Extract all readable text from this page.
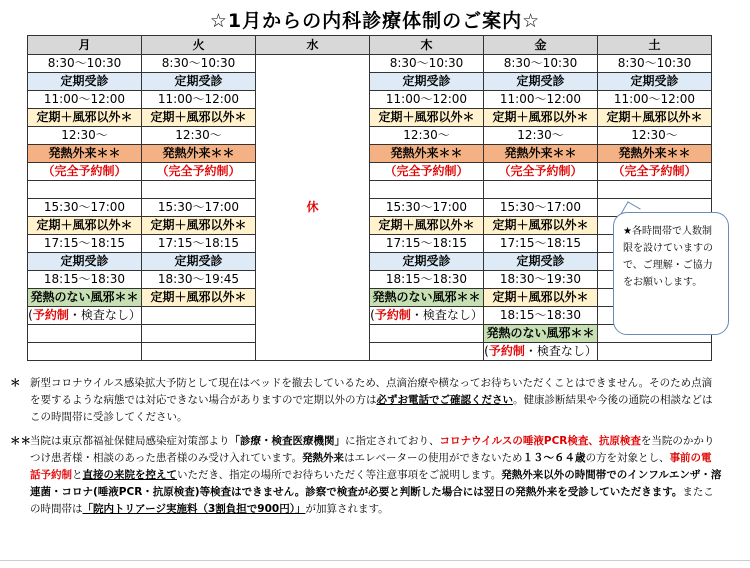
☆1月からの内科診療体制のご案内☆
月	火	水	木	金	土
8:30～10:30	8:30～10:30	休	8:30～10:30	8:30～10:30	8:30～10:30
定期受診	定期受診		定期受診	定期受診	定期受診
11:00～12:00	11:00～12:00		11:00～12:00	11:00～12:00	11:00～12:00
定期＋風邪以外＊	定期＋風邪以外＊		定期＋風邪以外＊	定期＋風邪以外＊	定期＋風邪以外＊
12:30～	12:30～		12:30～	12:30～	12:30～
発熱外来＊＊	発熱外来＊＊		発熱外来＊＊	発熱外来＊＊	発熱外来＊＊
（完全予約制）	（完全予約制）		（完全予約制）	（完全予約制）	（完全予約制）

15:30～17:00	15:30～17:00		15:30～17:00	15:30～17:00	
定期＋風邪以外＊	定期＋風邪以外＊		定期＋風邪以外＊	定期＋風邪以外＊	
17:15～18:15	17:15～18:15		17:15～18:15	17:15～18:15	
定期受診	定期受診		定期受診	定期受診	
18:15～18:30	18:30～19:45		18:15～18:30	18:30～19:30	
発熱のない風邪＊＊	定期＋風邪以外＊		発熱のない風邪＊＊	定期＋風邪以外＊	
(予約制・検査なし）			(予約制・検査なし）	18:15～18:30	
				発熱のない風邪＊＊	
				(予約制・検査なし）	
★各時間帯で人数制限を設けていますので、ご理解・ご協力をお願いします。
＊ 新型コロナウイルス感染拡大予防として現在はベッドを撤去しているため、点滴治療や横なってお待ちいただくことはできません。そのため点滴を要するような病態では対応できない場合がありますので定期以外の方は必ずお電話でご確認ください。健康診断結果や今後の通院の相談などはこの時間帯に受診してください。
＊＊ 当院は東京都福祉保健局感染症対策部より「診療・検査医療機関」に指定されており、コロナウイルスの唾液PCR検査、抗原検査を当院のかかりつけ患者様・相談のあった患者様のみ受け入れています。発熱外来はエレベーターの使用ができないため１３～６４歳の方を対象とし、事前の電話予約制と直接の来院を控えていただき、指定の場所でお待ちいただく等注意事項をご説明します。発熱外来以外の時間帯でのインフルエンザ・溶連菌・コロナ(唾液PCR・抗原検査)等検査はできません。診察で検査が必要と判断した場合には翌日の発熱外来を受診していただきます。またこの時間帯は「院内トリアージ実施料（3割負担で900円）」が加算されます。
